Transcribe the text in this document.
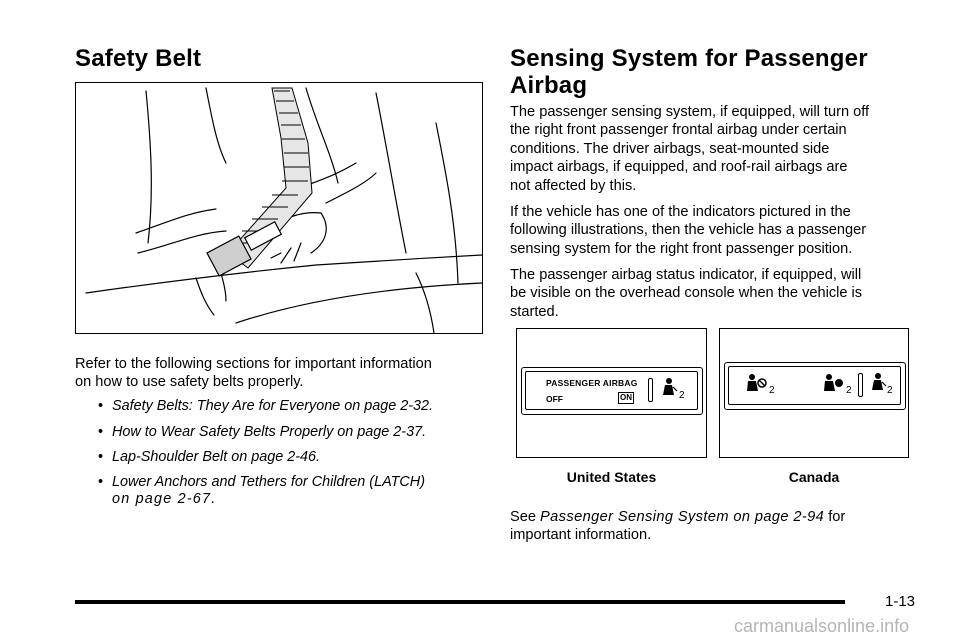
Safety Belt

Refer to the following sections for important information

on how to use safety belts properly.

• Safety Belts: They Are for Everyone on page 2-32.
• How to Wear Safety Belts Properly on page 2-37.
• Lap-Shoulder Belt on page 2-46.
• Lower Anchors and Tethers for Children (LATCH)
on page 2-67.
Sensing System for Passenger
Airbag

The passenger sensing system, if equipped, will turn off

the right front passenger frontal airbag under certain

conditions. The driver airbags, seat-mounted side

impact airbags, if equipped, and roof-rail airbags are

not affected by this.

If the vehicle has one of the indicators pictured in the

following illustrations, then the vehicle has a passenger

sensing system for the right front passenger position.

The passenger airbag status indicator, if equipped, will

be visible on the overhead console when the vehicle is

started.

PASSENGER AIRBAG
OFF	ON	2	2	2	2
United States	Canada

See Passenger Sensing System on page 2-94 for

important information.

1-13
carmanualsonline.info
